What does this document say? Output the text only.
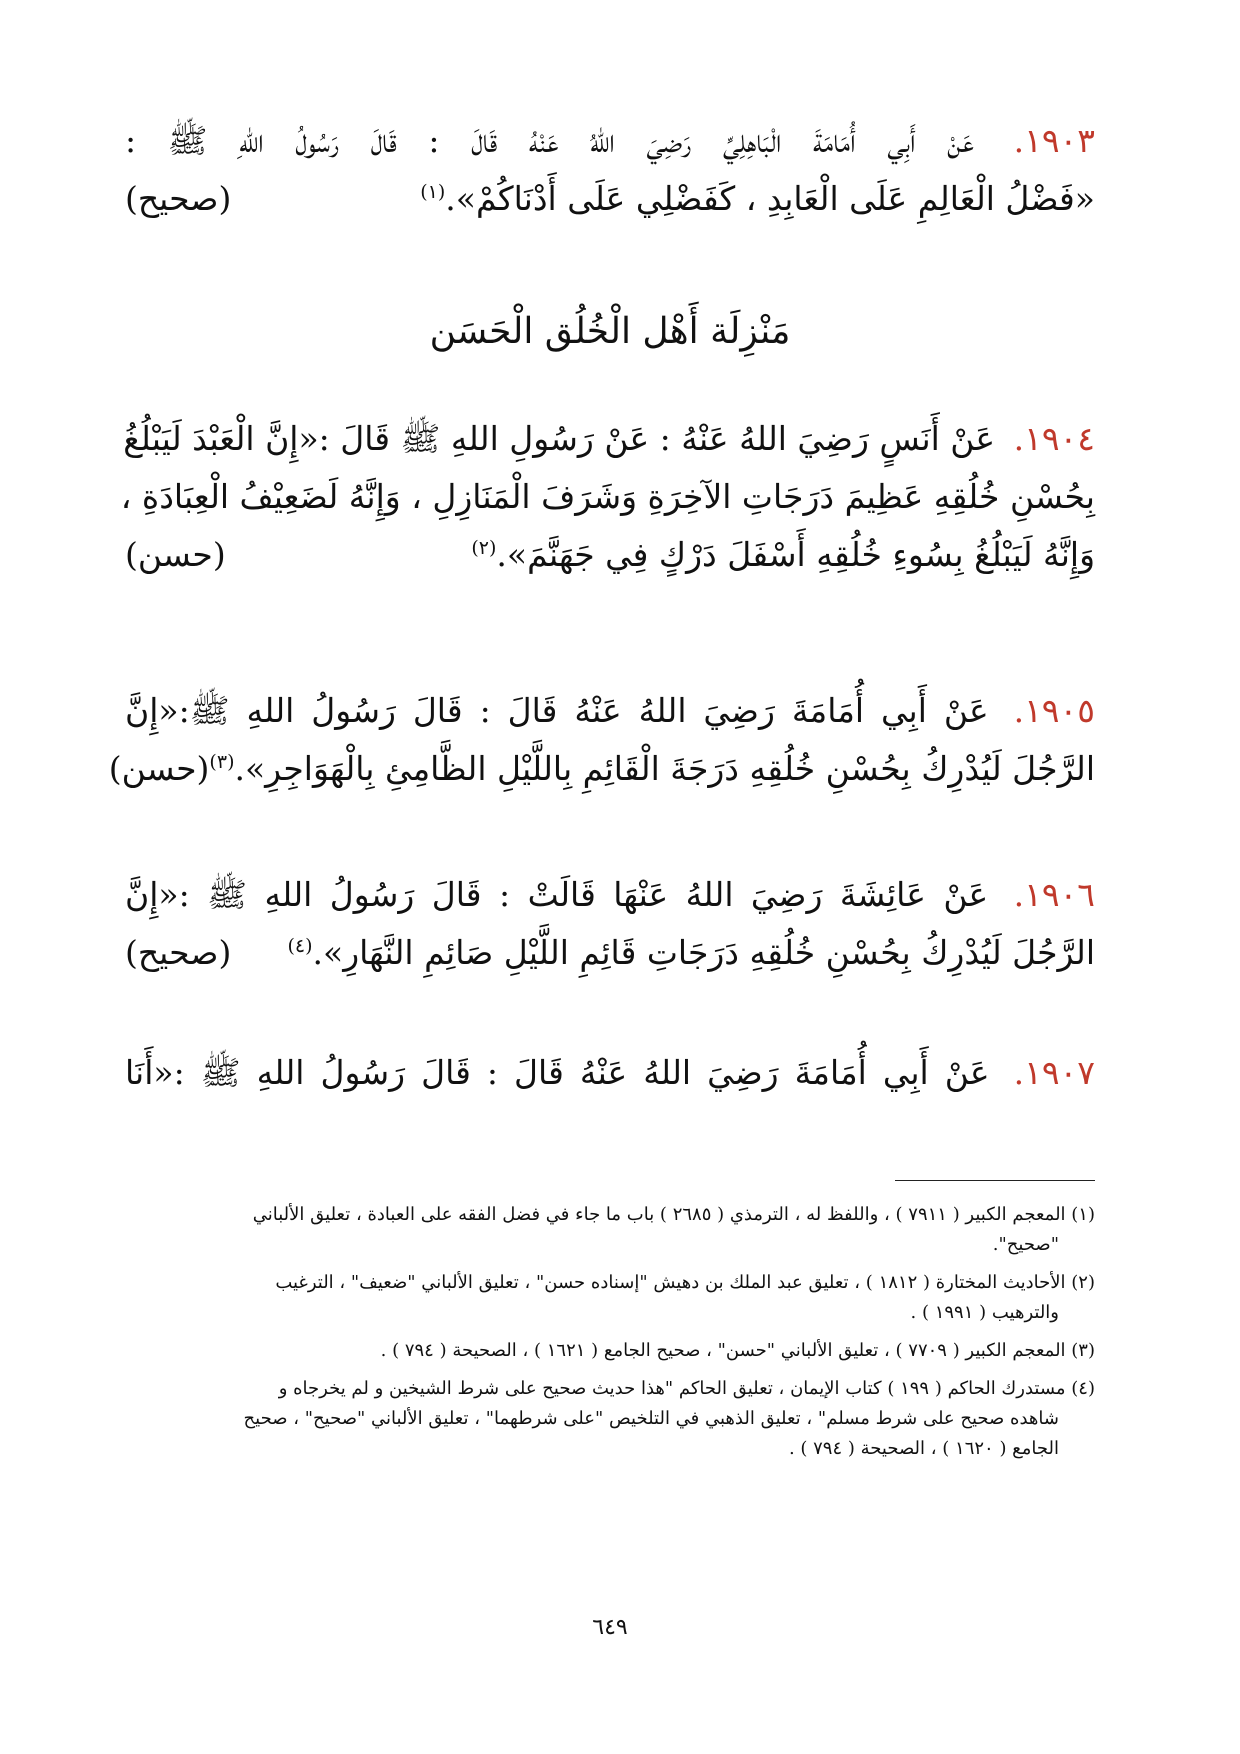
١٩٠٣. عَنْ أَبِي أُمَامَةَ الْبَاهِلِيِّ رَضِيَ اللهُ عَنْهُ قَالَ : قَالَ رَسُولُ اللهِ ﷺ :
«فَضْلُ الْعَالِمِ عَلَى الْعَابِدِ ، كَفَضْلِي عَلَى أَدْنَاكُمْ».$^{(١)}$
(صحيح)
مَنْزِلَة أَهْل الْخُلُق الْحَسَن
١٩٠٤. عَنْ أَنَسٍ رَضِيَ اللهُ عَنْهُ : عَنْ رَسُولِ اللهِ ﷺ قَالَ :«إِنَّ الْعَبْدَ لَيَبْلُغُ
بِحُسْنِ خُلُقِهِ عَظِيمَ دَرَجَاتِ الآخِرَةِ وَشَرَفَ الْمَنَازِلِ ، وَإِنَّهُ لَضَعِيْفُ الْعِبَادَةِ ،
وَإِنَّهُ لَيَبْلُغُ بِسُوءِ خُلُقِهِ أَسْفَلَ دَرْكٍ فِي جَهَنَّمَ».$^{(٢)}$
(حسن)
١٩٠٥. عَنْ أَبِي أُمَامَةَ رَضِيَ اللهُ عَنْهُ قَالَ : قَالَ رَسُولُ اللهِ ﷺ:«إِنَّ
الرَّجُلَ لَيُدْرِكُ بِحُسْنِ خُلُقِهِ دَرَجَةَ الْقَائِمِ بِاللَّيْلِ الظَّامِئِ بِالْهَوَاجِرِ».$^{(٣)}$
(حسن)
١٩٠٦. عَنْ عَائِشَةَ رَضِيَ اللهُ عَنْهَا قَالَتْ : قَالَ رَسُولُ اللهِ ﷺ :«إِنَّ
الرَّجُلَ لَيُدْرِكُ بِحُسْنِ خُلُقِهِ دَرَجَاتِ قَائِمِ اللَّيْلِ صَائِمِ النَّهَارِ».$^{(٤)}$
(صحيح)
١٩٠٧. عَنْ أَبِي أُمَامَةَ رَضِيَ اللهُ عَنْهُ قَالَ : قَالَ رَسُولُ اللهِ ﷺ :«أَنَا
(١) المعجم الكبير ( ٧٩١١ ) ، واللفظ له ، الترمذي ( ٢٦٨٥ ) باب ما جاء في فضل الفقه على العبادة ، تعليق الألباني
"صحيح".
(٢) الأحاديث المختارة ( ١٨١٢ ) ، تعليق عبد الملك بن دهيش "إسناده حسن" ، تعليق الألباني "ضعيف" ، الترغيب
والترهيب ( ١٩٩١ ) .
(٣) المعجم الكبير ( ٧٧٠٩ ) ، تعليق الألباني "حسن" ، صحيح الجامع ( ١٦٢١ ) ، الصحيحة ( ٧٩٤ ) .
(٤) مستدرك الحاكم ( ١٩٩ ) كتاب الإيمان ، تعليق الحاكم "هذا حديث صحيح على شرط الشيخين و لم يخرجاه و
شاهده صحيح على شرط مسلم" ، تعليق الذهبي في التلخيص "على شرطهما" ، تعليق الألباني "صحيح" ، صحيح
الجامع ( ١٦٢٠ ) ، الصحيحة ( ٧٩٤ ) .
٦٤٩
